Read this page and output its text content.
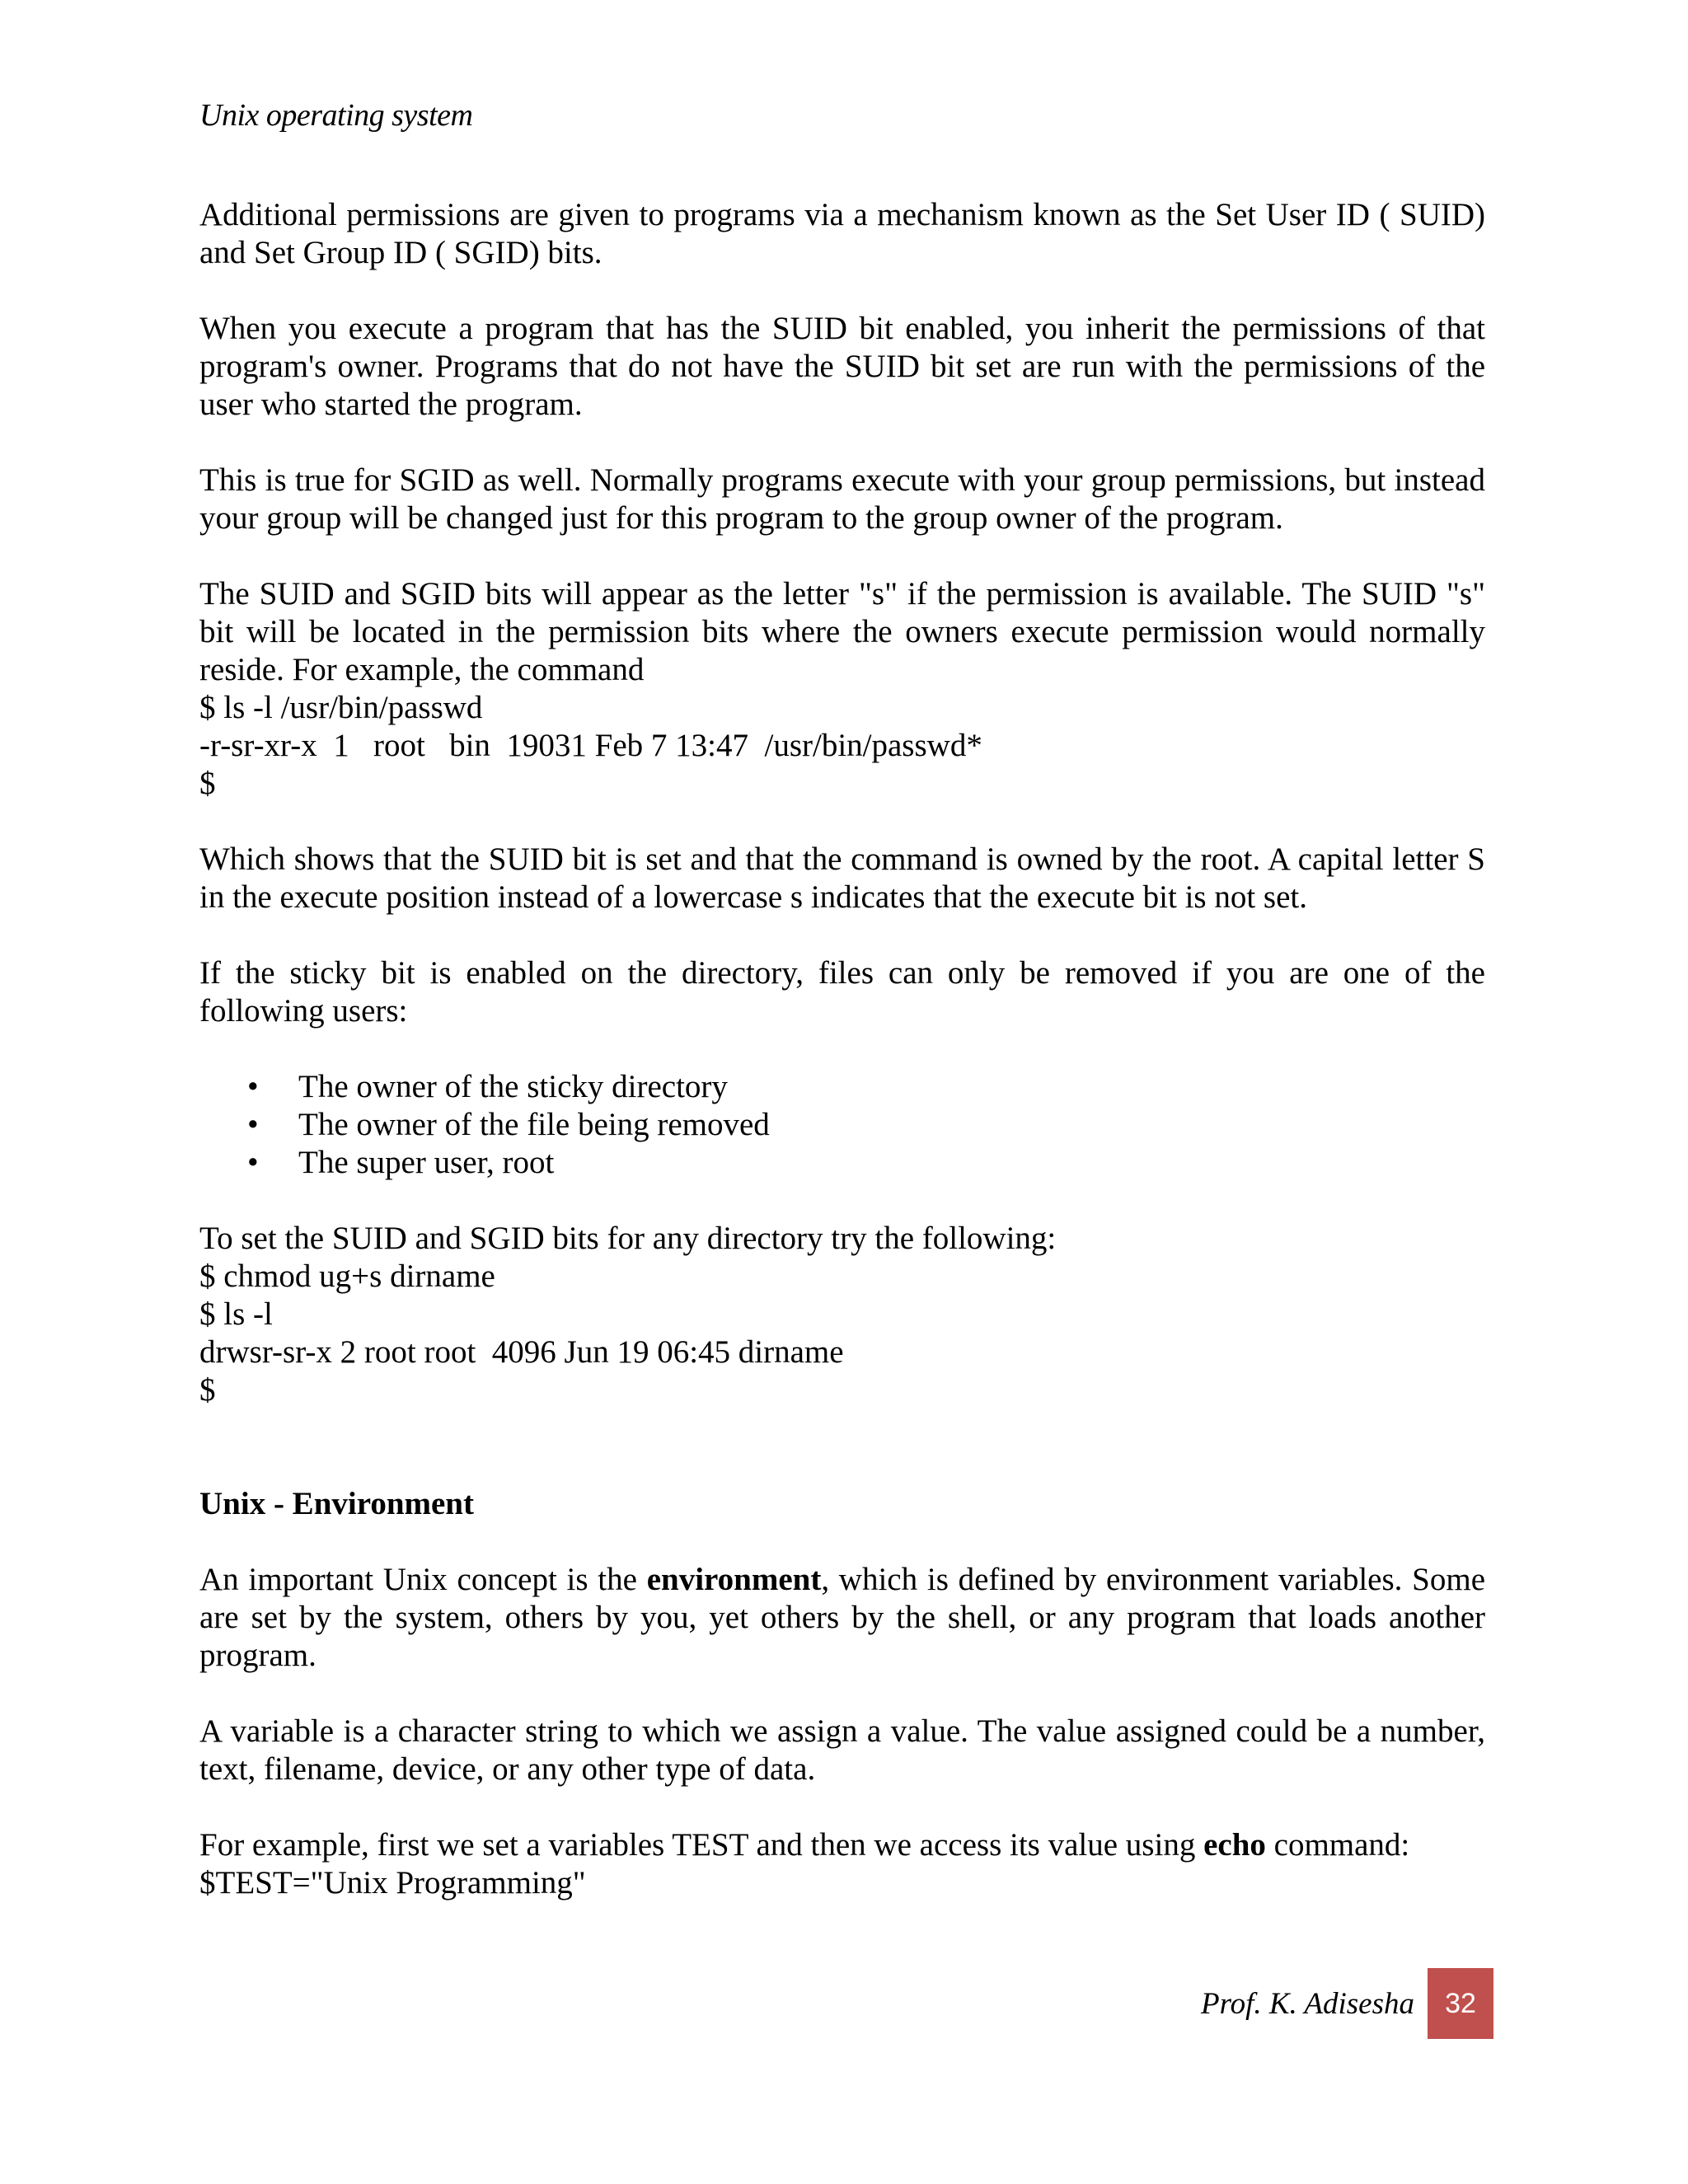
Unix operating system

Additional permissions are given to programs via a mechanism known as the Set User ID ( SUID) and Set Group ID ( SGID) bits.

When you execute a program that has the SUID bit enabled, you inherit the permissions of that program's owner. Programs that do not have the SUID bit set are run with the permissions of the user who started the program.

This is true for SGID as well. Normally programs execute with your group permissions, but instead your group will be changed just for this program to the group owner of the program.

The SUID and SGID bits will appear as the letter "s" if the permission is available. The SUID "s" bit will be located in the permission bits where the owners execute permission would normally reside. For example, the command
$ ls -l /usr/bin/passwd
-r-sr-xr-x  1   root   bin  19031 Feb 7 13:47  /usr/bin/passwd*
$

Which shows that the SUID bit is set and that the command is owned by the root. A capital letter S in the execute position instead of a lowercase s indicates that the execute bit is not set.

If the sticky bit is enabled on the directory, files can only be removed if you are one of the following users:

• The owner of the sticky directory
• The owner of the file being removed
• The super user, root
To set the SUID and SGID bits for any directory try the following:
$ chmod ug+s dirname
$ ls -l
drwsr-sr-x 2 root root  4096 Jun 19 06:45 dirname
$
Unix - Environment

An important Unix concept is the environment, which is defined by environment variables. Some are set by the system, others by you, yet others by the shell, or any program that loads another program.

A variable is a character string to which we assign a value. The value assigned could be a number, text, filename, device, or any other type of data.

For example, first we set a variables TEST and then we access its value using echo command:
$TEST="Unix Programming"
Prof. K. Adisesha	32
